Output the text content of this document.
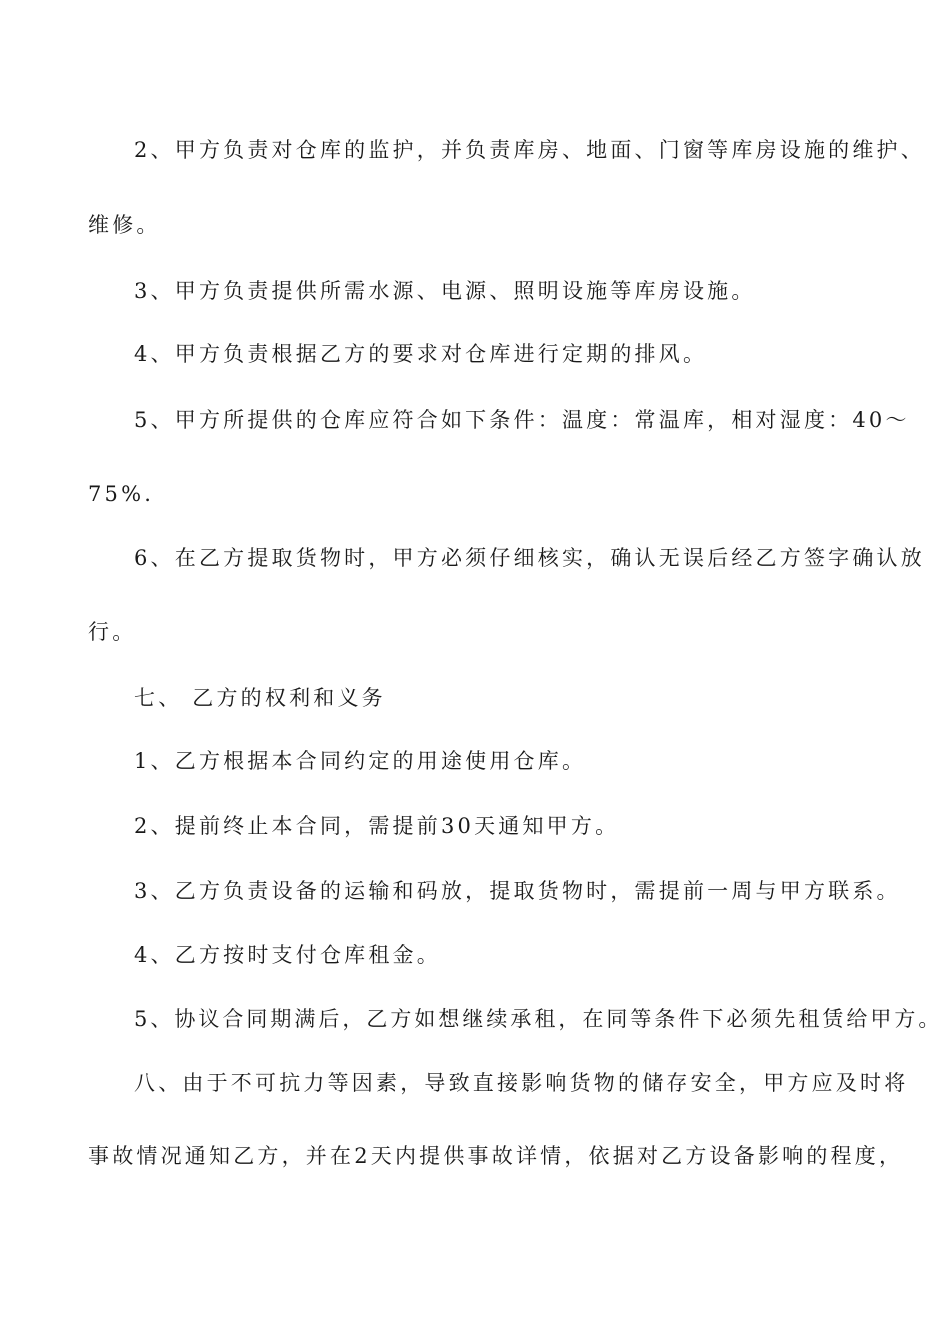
2、甲方负责对仓库的监护，并负责库房、地面、门窗等库房设施的维护、
维修。
3、甲方负责提供所需水源、电源、照明设施等库房设施。
4、甲方负责根据乙方的要求对仓库进行定期的排风。
5、甲方所提供的仓库应符合如下条件：温度：常温库，相对湿度：40～
75%.
6、在乙方提取货物时，甲方必须仔细核实，确认无误后经乙方签字确认放
行。
七、 乙方的权利和义务
1、乙方根据本合同约定的用途使用仓库。
2、提前终止本合同，需提前30天通知甲方。
3、乙方负责设备的运输和码放，提取货物时，需提前一周与甲方联系。
4、乙方按时支付仓库租金。
5、协议合同期满后，乙方如想继续承租，在同等条件下必须先租赁给甲方。
八、由于不可抗力等因素，导致直接影响货物的储存安全，甲方应及时将
事故情况通知乙方，并在2天内提供事故详情，依据对乙方设备影响的程度，
